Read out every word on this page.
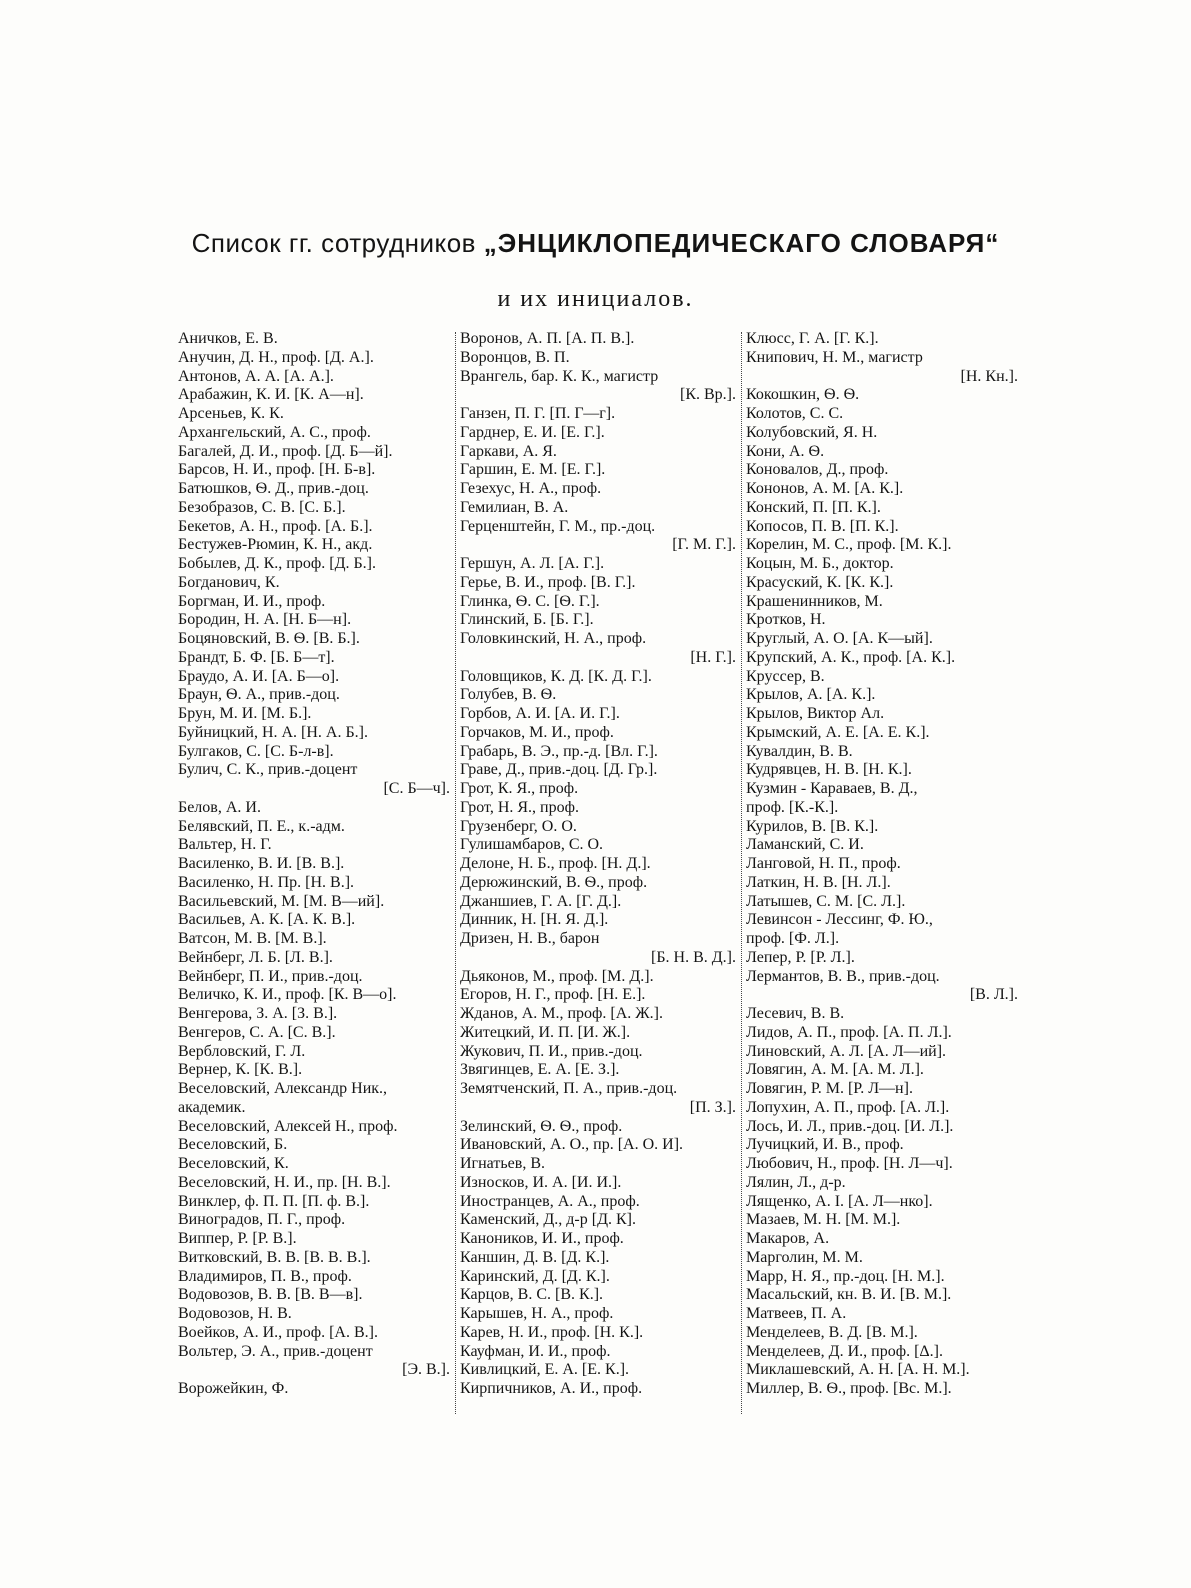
Список гг. сотрудников „ЭНЦИКЛОПЕДИЧЕСКАГО СЛОВАРЯ“
и их инициалов.
Аничков, Е. В.
Анучин, Д. Н., проф. [Д. А.].
Антонов, А. А. [А. А.].
Арабажин, К. И. [К. А—н].
Арсеньев, К. К.
Архангельский, А. С., проф.
Багалей, Д. И., проф. [Д. Б—й].
Барсов, Н. И., проф. [Н. Б-в].
Батюшков, Ѳ. Д., прив.-доц.
Безобразов, С. В. [С. Б.].
Бекетов, А. Н., проф. [А. Б.].
Бестужев-Рюмин, К. Н., акд.
Бобылев, Д. К., проф. [Д. Б.].
Богданович, К.
Боргман, И. И., проф.
Бородин, Н. А. [Н. Б—н].
Боцяновский, В. Ѳ. [В. Б.].
Брандт, Б. Ф. [Б. Б—т].
Браудо, А. И. [А. Б—о].
Браун, Ѳ. А., прив.-доц.
Брун, М. И. [М. Б.].
Буйницкий, Н. А. [Н. А. Б.].
Булгаков, С. [С. Б-л-в].
Булич, С. К., прив.-доцент
[С. Б—ч].
Белов, А. И.
Белявский, П. Е., к.-адм.
Вальтер, Н. Г.
Василенко, В. И. [В. В.].
Василенко, Н. Пр. [Н. В.].
Васильевский, М. [М. В—ий].
Васильев, А. К. [А. К. В.].
Ватсон, М. В. [М. В.].
Вейнберг, Л. Б. [Л. В.].
Вейнберг, П. И., прив.-доц.
Величко, К. И., проф. [К. В—о].
Венгерова, З. А. [З. В.].
Венгеров, С. А. [С. В.].
Вербловский, Г. Л.
Вернер, К. [К. В.].
Веселовский, Александр Ник.,
академик.
Веселовский, Алексей Н., проф.
Веселовский, Б.
Веселовский, К.
Веселовский, Н. И., пр. [Н. В.].
Винклер, ф. П. П. [П. ф. В.].
Виноградов, П. Г., проф.
Виппер, Р. [Р. В.].
Витковский, В. В. [В. В. В.].
Владимиров, П. В., проф.
Водовозов, В. В. [В. В—в].
Водовозов, Н. В.
Воейков, А. И., проф. [А. В.].
Вольтер, Э. А., прив.-доцент
[Э. В.].
Ворожейкин, Ф.
Воронов, А. П. [А. П. В.].
Воронцов, В. П.
Врангель, бар. К. К., магистр
[К. Вр.].
Ганзен, П. Г. [П. Г—г].
Гарднер, Е. И. [Е. Г.].
Гаркави, А. Я.
Гаршин, Е. М. [Е. Г.].
Гезехус, Н. А., проф.
Гемилиан, В. А.
Герценштейн, Г. М., пр.-доц.
[Г. М. Г.].
Гершун, А. Л. [А. Г.].
Герье, В. И., проф. [В. Г.].
Глинка, Ѳ. С. [Ѳ. Г.].
Глинский, Б. [Б. Г.].
Головкинский, Н. А., проф.
[Н. Г.].
Головщиков, К. Д. [К. Д. Г.].
Голубев, В. Ѳ.
Горбов, А. И. [А. И. Г.].
Горчаков, М. И., проф.
Грабарь, В. Э., пр.-д. [Вл. Г.].
Граве, Д., прив.-доц. [Д. Гр.].
Грот, К. Я., проф.
Грот, Н. Я., проф.
Грузенберг, О. О.
Гулишамбаров, С. О.
Делоне, Н. Б., проф. [Н. Д.].
Дерюжинский, В. Ѳ., проф.
Джаншиев, Г. А. [Г. Д.].
Динник, Н. [Н. Я. Д.].
Дризен, Н. В., барон
[Б. Н. В. Д.].
Дьяконов, М., проф. [М. Д.].
Егоров, Н. Г., проф. [Н. Е.].
Жданов, А. М., проф. [А. Ж.].
Житецкий, И. П. [И. Ж.].
Жукович, П. И., прив.-доц.
Звягинцев, Е. А. [Е. З.].
Земятченский, П. А., прив.-доц.
[П. З.].
Зелинский, Ѳ. Ѳ., проф.
Ивановский, А. О., пр. [А. О. И].
Игнатьев, В.
Износков, И. А. [И. И.].
Иностранцев, А. А., проф.
Каменский, Д., д-р [Д. К].
Каноников, И. И., проф.
Каншин, Д. В. [Д. К.].
Каринский, Д. [Д. К.].
Карцов, В. С. [В. К.].
Карышев, Н. А., проф.
Карев, Н. И., проф. [Н. К.].
Кауфман, И. И., проф.
Кивлицкий, Е. А. [Е. К.].
Кирпичников, А. И., проф.
Клюсс, Г. А. [Г. К.].
Книпович, Н. М., магистр
[Н. Кн.].
Кокошкин, Ѳ. Ѳ.
Колотов, С. С.
Колубовский, Я. Н.
Кони, А. Ѳ.
Коновалов, Д., проф.
Кононов, А. М. [А. К.].
Конский, П. [П. К.].
Копосов, П. В. [П. К.].
Корелин, М. С., проф. [М. К.].
Коцын, М. Б., доктор.
Красуский, К. [К. К.].
Крашенинников, М.
Кротков, Н.
Круглый, А. О. [А. К—ый].
Крупский, А. К., проф. [А. К.].
Круссер, В.
Крылов, А. [А. К.].
Крылов, Виктор Ал.
Крымский, А. Е. [А. Е. К.].
Кувалдин, В. В.
Кудрявцев, Н. В. [Н. К.].
Кузмин - Караваев, В. Д.,
проф. [К.-К.].
Курилов, В. [В. К.].
Ламанский, С. И.
Ланговой, Н. П., проф.
Латкин, Н. В. [Н. Л.].
Латышев, С. М. [С. Л.].
Левинсон - Лессинг, Ф. Ю.,
проф. [Ф. Л.].
Лепер, Р. [Р. Л.].
Лермантов, В. В., прив.-доц.
[В. Л.].
Лесевич, В. В.
Лидов, А. П., проф. [А. П. Л.].
Линовский, А. Л. [А. Л—ий].
Ловягин, А. М. [А. М. Л.].
Ловягин, Р. М. [Р. Л—н].
Лопухин, А. П., проф. [А. Л.].
Лось, И. Л., прив.-доц. [И. Л.].
Лучицкий, И. В., проф.
Любович, Н., проф. [Н. Л—ч].
Лялин, Л., д-р.
Лященко, А. І. [А. Л—нко].
Мазаев, М. Н. [М. М.].
Макаров, А.
Марголин, М. М.
Марр, Н. Я., пр.-доц. [Н. М.].
Масальский, кн. В. И. [В. М.].
Матвеев, П. А.
Менделеев, В. Д. [В. М.].
Менделеев, Д. И., проф. [Δ.].
Миклашевский, А. Н. [А. Н. М.].
Миллер, В. Ѳ., проф. [Вс. М.].
